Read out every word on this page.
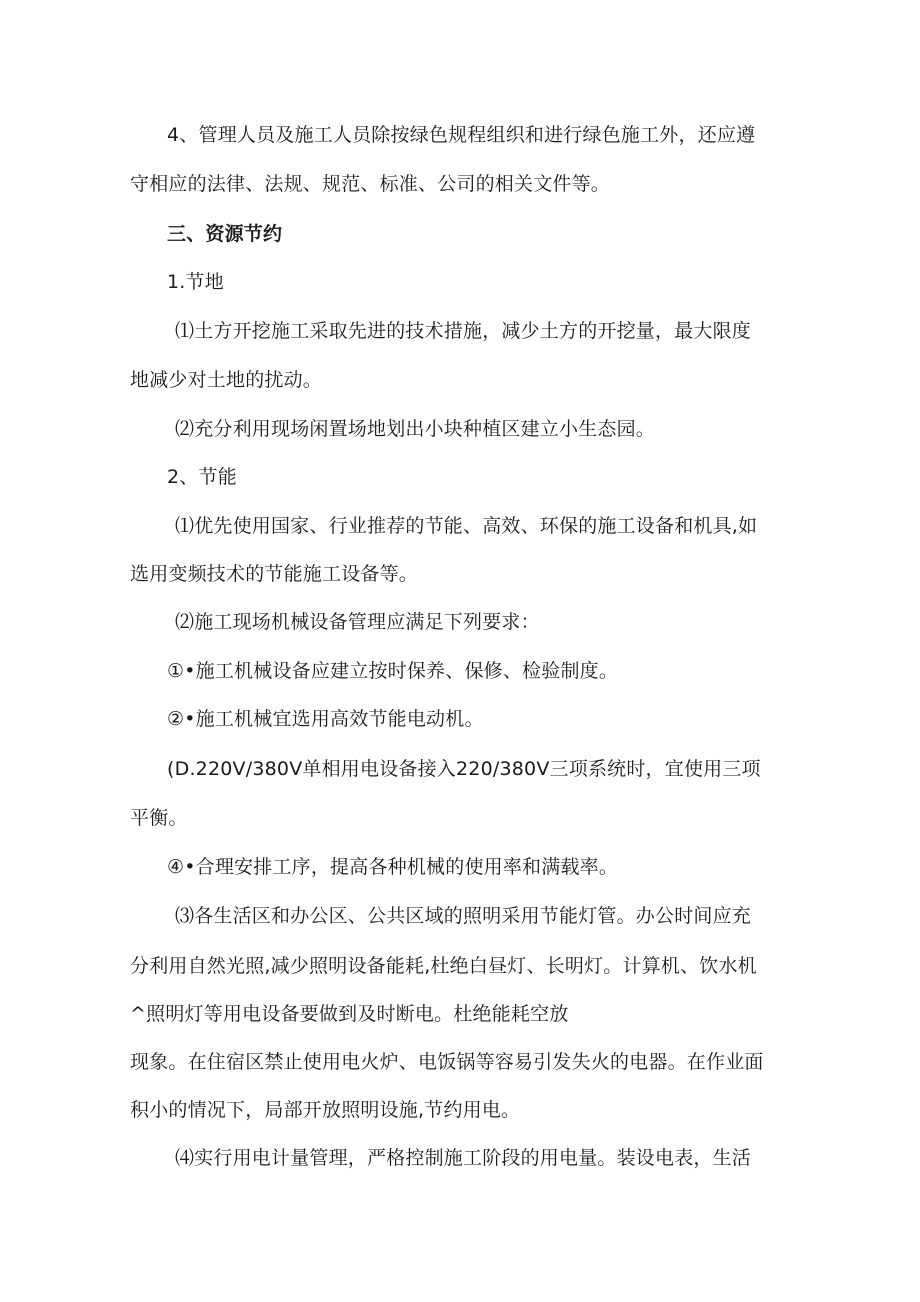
4、管理人员及施工人员除按绿色规程组织和进行绿色施工外，还应遵
守相应的法律、法规、规范、标准、公司的相关文件等。
三、资源节约
1.节地
⑴土方开挖施工采取先进的技术措施，减少土方的开挖量，最大限度
地减少对土地的扰动。
⑵充分利用现场闲置场地划出小块种植区建立小生态园。
2、节能
⑴优先使用国家、行业推荐的节能、高效、环保的施工设备和机具,如
选用变频技术的节能施工设备等。
⑵施工现场机械设备管理应满足下列要求：
①•施工机械设备应建立按时保养、保修、检验制度。
②•施工机械宜选用高效节能电动机。
(D.220V/380V单相用电设备接入220/380V三项系统时，宜使用三项
平衡。
④•合理安排工序，提高各种机械的使用率和满载率。
⑶各生活区和办公区、公共区域的照明采用节能灯管。办公时间应充
分利用自然光照,减少照明设备能耗,杜绝白昼灯、长明灯。计算机、饮水机
^照明灯等用电设备要做到及时断电。杜绝能耗空放
现象。在住宿区禁止使用电火炉、电饭锅等容易引发失火的电器。在作业面
积小的情况下，局部开放照明设施,节约用电。
⑷实行用电计量管理，严格控制施工阶段的用电量。装设电表，生活
